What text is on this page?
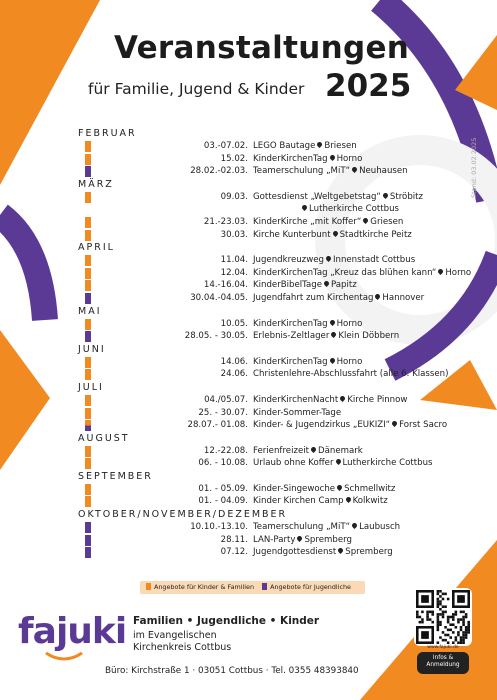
Veranstaltungen
für Familie, Jugend & Kinder 2025
Stand: 03.02.2025
FEBRUAR
03.-07.02. LEGO Bautage Briesen
15.02. KinderKirchenTag Horno
28.02.-02.03. Teamerschulung „MiT“ Neuhausen
MÄRZ
09.03. Gottesdienst „Weltgebetstag“ Ströbitz
Lutherkirche Cottbus
21.-23.03. KinderKirche „mit Koffer“ Griesen
30.03. Kirche Kunterbunt Stadtkirche Peitz
APRIL
11.04. Jugendkreuzweg Innenstadt Cottbus
12.04. KinderKirchenTag „Kreuz das blühen kann“ Horno
14.-16.04. KinderBibelTage Papitz
30.04.-04.05. Jugendfahrt zum Kirchentag Hannover
MAI
10.05. KinderKirchenTag Horno
28.05. - 30.05. Erlebnis-Zeltlager Klein Döbbern
JUNI
14.06. KinderKirchenTag Horno
24.06. Christenlehre-Abschlussfahrt (alle 6. Klassen)
JULI
04./05.07. KinderKirchenNacht Kirche Pinnow
25. - 30.07. Kinder-Sommer-Tage
28.07.- 01.08. Kinder- & Jugendzirkus „EUKIZI“ Forst Sacro
AUGUST
12.-22.08. Ferienfreizeit Dänemark
06. - 10.08. Urlaub ohne Koffer Lutherkirche Cottbus
SEPTEMBER
01. - 05.09. Kinder-Singewoche Schmellwitz
01. - 04.09. Kinder Kirchen Camp Kolkwitz
OKTOBER/NOVEMBER/DEZEMBER
10.10.-13.10. Teamerschulung „MiT“ Laubusch
28.11. LAN-Party Spremberg
07.12. Jugendgottesdienst Spremberg
Angebote für Kinder & Familien	Angebote für Jugendliche
fajuki Familien • Jugendliche • Kinder
im Evangelischen
Kirchenkreis Cottbus
Büro: Kirchstraße 1 · 03051 Cottbus · Tel. 0355 48393840
www.fajuki.de
Infos &
Anmeldung
